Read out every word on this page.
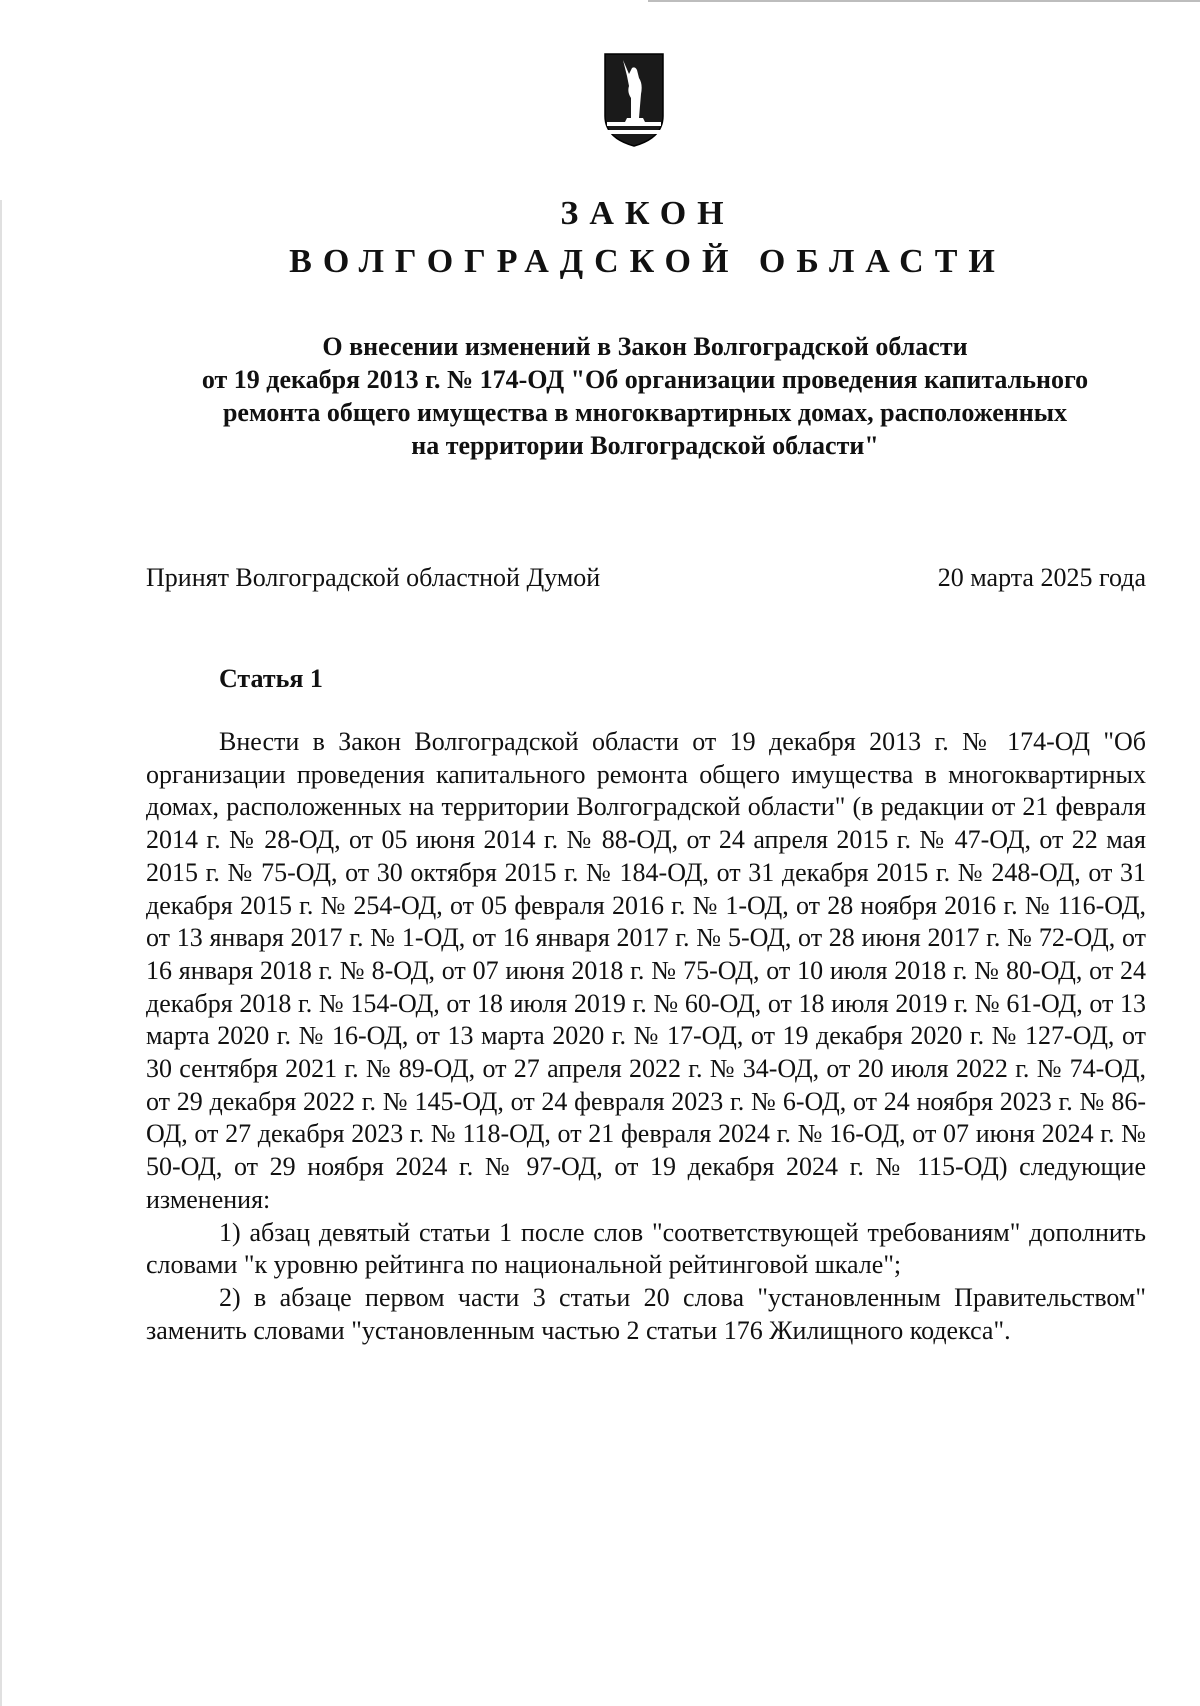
ЗАКОН
ВОЛГОГРАДСКОЙ ОБЛАСТИ
О внесении изменений в Закон Волгоградской области
от 19 декабря 2013 г. № 174-ОД "Об организации проведения капитального
ремонта общего имущества в многоквартирных домах, расположенных
на территории Волгоградской области"
Принят Волгоградской областной Думой	20 марта 2025 года
Статья 1

Внести в Закон Волгоградской области от 19 декабря 2013 г. № 174-ОД "Об организации проведения капитального ремонта общего имущества в многоквартирных домах, расположенных на территории Волгоградской области" (в редакции от 21 февраля 2014 г. № 28-ОД, от 05 июня 2014 г. № 88-ОД, от 24 апреля 2015 г. № 47-ОД, от 22 мая 2015 г. № 75-ОД, от 30 октября 2015 г. № 184-ОД, от 31 декабря 2015 г. № 248-ОД, от 31 декабря 2015 г. № 254-ОД, от 05 февраля 2016 г. № 1-ОД, от 28 ноября 2016 г. № 116-ОД, от 13 января 2017 г. № 1-ОД, от 16 января 2017 г. № 5-ОД, от 28 июня 2017 г. № 72-ОД, от 16 января 2018 г. № 8-ОД, от 07 июня 2018 г. № 75-ОД, от 10 июля 2018 г. № 80-ОД, от 24 декабря 2018 г. № 154-ОД, от 18 июля 2019 г. № 60-ОД, от 18 июля 2019 г. № 61-ОД, от 13 марта 2020 г. № 16-ОД, от 13 марта 2020 г. № 17-ОД, от 19 декабря 2020 г. № 127-ОД, от 30 сентября 2021 г. № 89-ОД, от 27 апреля 2022 г. № 34-ОД, от 20 июля 2022 г. № 74-ОД, от 29 декабря 2022 г. № 145-ОД, от 24 февраля 2023 г. № 6-ОД, от 24 ноября 2023 г. № 86-ОД, от 27 декабря 2023 г. № 118-ОД, от 21 февраля 2024 г. № 16-ОД, от 07 июня 2024 г. № 50-ОД, от 29 ноября 2024 г. № 97-ОД, от 19 декабря 2024 г. № 115-ОД) следующие изменения:

1) абзац девятый статьи 1 после слов "соответствующей требованиям" дополнить словами "к уровню рейтинга по национальной рейтинговой шкале";

2) в абзаце первом части 3 статьи 20 слова "установленным Правительством" заменить словами "установленным частью 2 статьи 176 Жилищного кодекса".
